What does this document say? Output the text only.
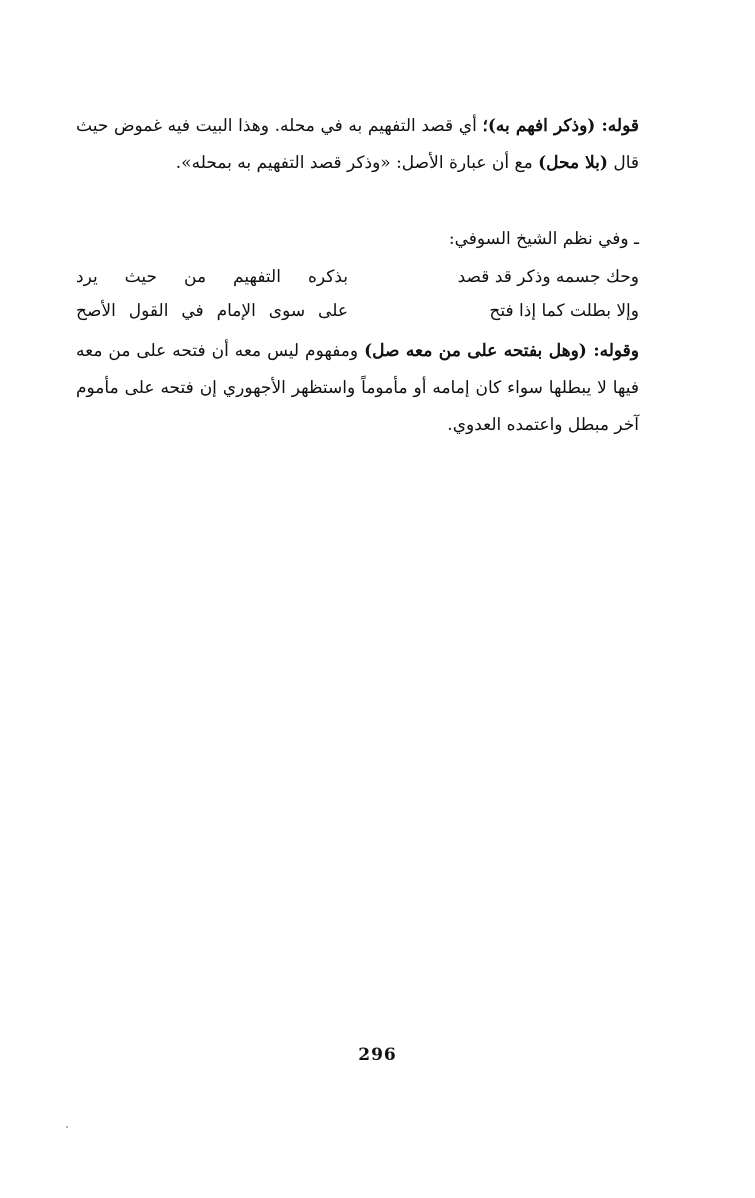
قوله: (وذكر افهم به)؛ أي قصد التفهيم به في محله. وهذا البيت فيه غموض حيث قال (بلا محل) مع أن عبارة الأصل: «وذكر قصد التفهيم به بمحله».

ـ وفي نظم الشيخ السوفي:
وحك جسمه وذكر قد قصد
بذكره التفهيم من حيث يرد
وإلا بطلت كما إذا فتح
على سوى الإمام في القول الأصح

وقوله: (وهل بفتحه على من معه صل) ومفهوم ليس معه أن فتحه على من معه فيها لا يبطلها سواء كان إمامه أو مأموماً واستظهر الأجهوري إن فتحه على مأموم آخر مبطل واعتمده العدوي.

296
